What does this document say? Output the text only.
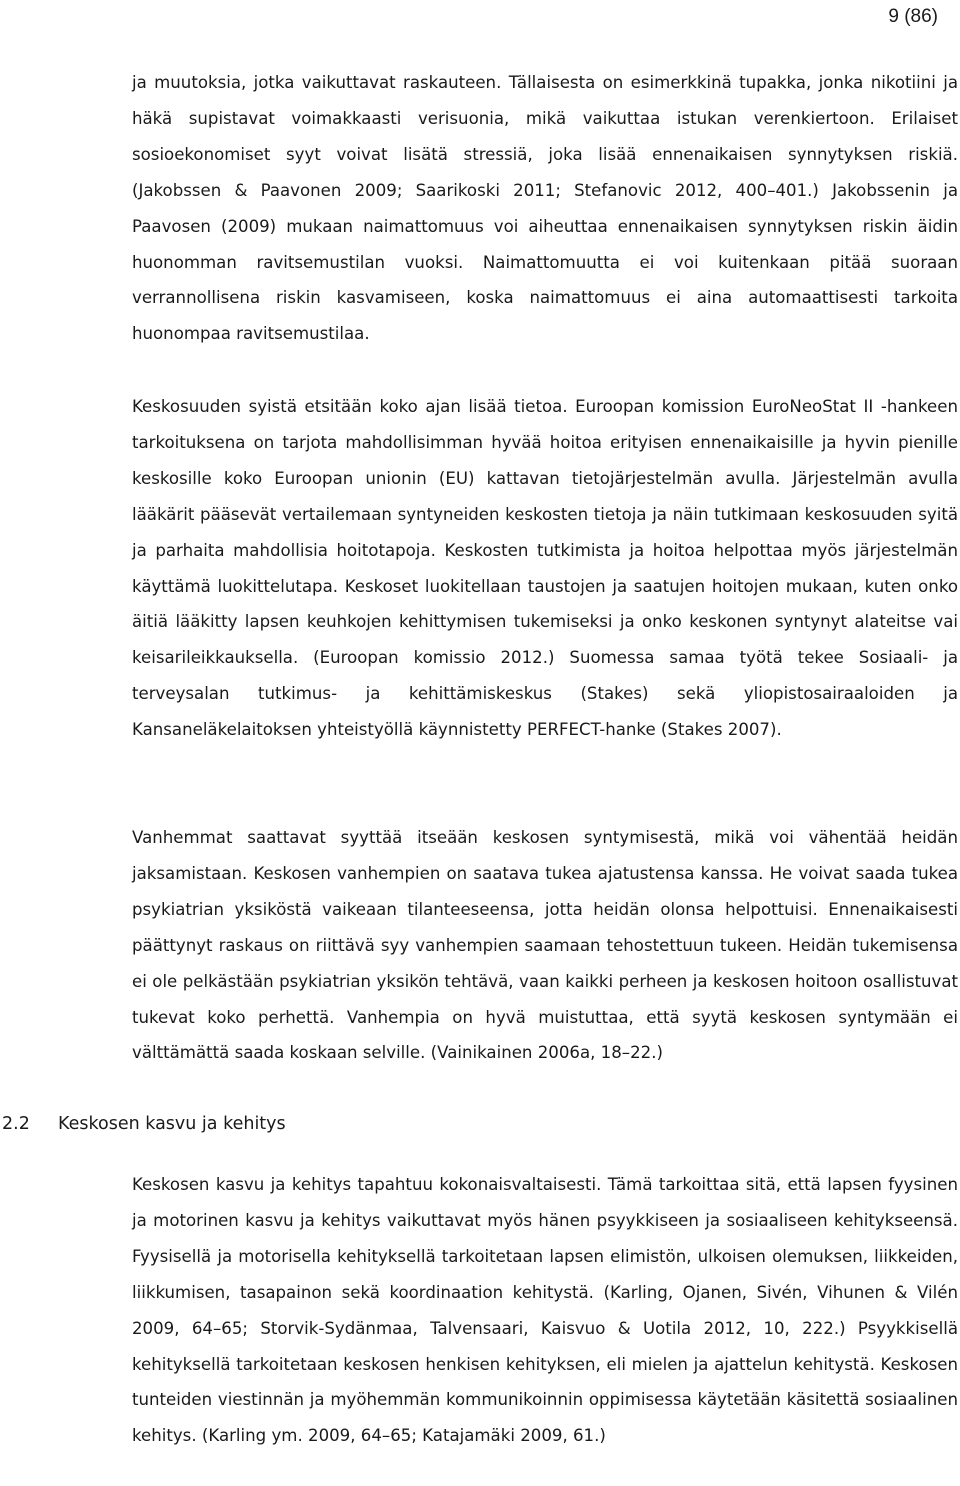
9 (86)

ja muutoksia, jotka vaikuttavat raskauteen. Tällaisesta on esimerkkinä tupakka, jonka nikotiini ja häkä supistavat voimakkaasti verisuonia, mikä vaikuttaa istukan verenkiertoon. Erilaiset sosioekonomiset syyt voivat lisätä stressiä, joka lisää ennenaikaisen synnytyksen riskiä. (Jakobssen & Paavonen 2009; Saarikoski 2011; Stefanovic 2012, 400–401.) Jakobssenin ja Paavosen (2009) mukaan naimattomuus voi aiheuttaa ennenaikaisen synnytyksen riskin äidin huonomman ravitsemustilan vuoksi. Naimattomuutta ei voi kuitenkaan pitää suoraan verrannollisena riskin kasvamiseen, koska naimattomuus ei aina automaattisesti tarkoita huonompaa ravitsemustilaa.

Keskosuuden syistä etsitään koko ajan lisää tietoa. Euroopan komission EuroNeoStat II -hankeen tarkoituksena on tarjota mahdollisimman hyvää hoitoa erityisen ennenaikaisille ja hyvin pienille keskosille koko Euroopan unionin (EU) kattavan tietojärjestelmän avulla. Järjestelmän avulla lääkärit pääsevät vertailemaan syntyneiden keskosten tietoja ja näin tutkimaan keskosuuden syitä ja parhaita mahdollisia hoitotapoja. Keskosten tutkimista ja hoitoa helpottaa myös järjestelmän käyttämä luokittelutapa. Keskoset luokitellaan taustojen ja saatujen hoitojen mukaan, kuten onko äitiä lääkitty lapsen keuhkojen kehittymisen tukemiseksi ja onko keskonen syntynyt alateitse vai keisarileikkauksella. (Euroopan komissio 2012.) Suomessa samaa työtä tekee Sosiaali- ja terveysalan tutkimus- ja kehittämiskeskus (Stakes) sekä yliopistosairaaloiden ja Kansaneläkelaitoksen yhteistyöllä käynnistetty PERFECT-hanke (Stakes 2007).

Vanhemmat saattavat syyttää itseään keskosen syntymisestä, mikä voi vähentää heidän jaksamistaan. Keskosen vanhempien on saatava tukea ajatustensa kanssa. He voivat saada tukea psykiatrian yksiköstä vaikeaan tilanteeseensa, jotta heidän olonsa helpottuisi. Ennenaikaisesti päättynyt raskaus on riittävä syy vanhempien saamaan tehostettuun tukeen. Heidän tukemisensa ei ole pelkästään psykiatrian yksikön tehtävä, vaan kaikki perheen ja keskosen hoitoon osallistuvat tukevat koko perhettä. Vanhempia on hyvä muistuttaa, että syytä keskosen syntymään ei välttämättä saada koskaan selville. (Vainikainen 2006a, 18–22.)

2.2 Keskosen kasvu ja kehitys

Keskosen kasvu ja kehitys tapahtuu kokonaisvaltaisesti. Tämä tarkoittaa sitä, että lapsen fyysinen ja motorinen kasvu ja kehitys vaikuttavat myös hänen psyykkiseen ja sosiaaliseen kehitykseensä. Fyysisellä ja motorisella kehityksellä tarkoitetaan lapsen elimistön, ulkoisen olemuksen, liikkeiden, liikkumisen, tasapainon sekä koordinaation kehitystä. (Karling, Ojanen, Sivén, Vihunen & Vilén 2009, 64–65; Storvik-Sydänmaa, Talvensaari, Kaisvuo & Uotila 2012, 10, 222.) Psyykkisellä kehityksellä tarkoitetaan keskosen henkisen kehityksen, eli mielen ja ajattelun kehitystä. Keskosen tunteiden viestinnän ja myöhemmän kommunikoinnin oppimisessa käytetään käsitettä sosiaalinen kehitys. (Karling ym. 2009, 64–65; Katajamäki 2009, 61.)
